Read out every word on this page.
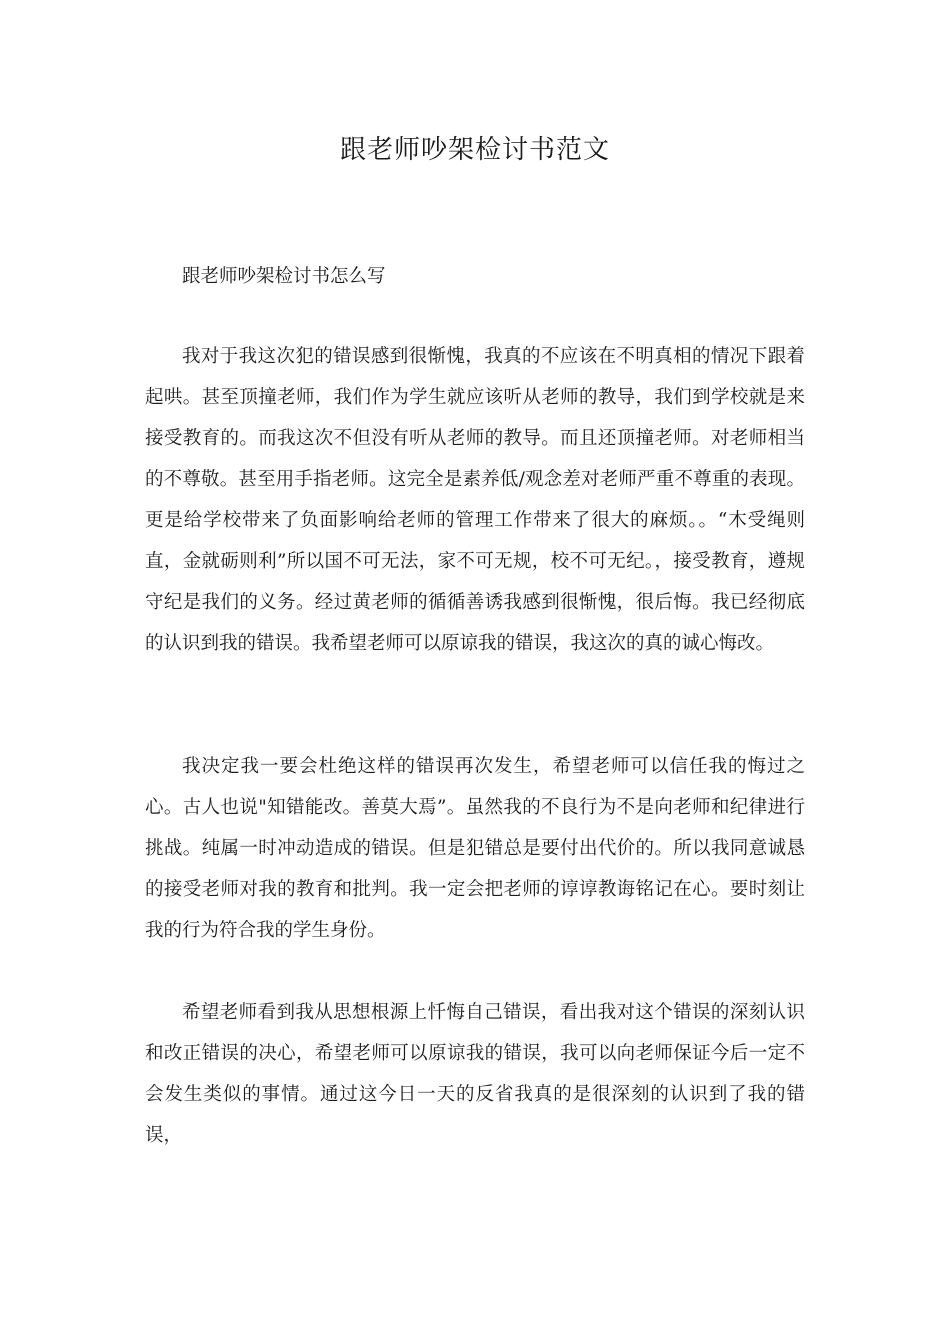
跟老师吵架检讨书范文

跟老师吵架检讨书怎么写

我对于我这次犯的错误感到很惭愧，我真的不应该在不明真相的情况下跟着起哄。甚至顶撞老师，我们作为学生就应该听从老师的教导，我们到学校就是来接受教育的。而我这次不但没有听从老师的教导。而且还顶撞老师。对老师相当的不尊敬。甚至用手指老师。这完全是素养低/观念差对老师严重不尊重的表现。更是给学校带来了负面影响给老师的管理工作带来了很大的麻烦。。“木受绳则直，金就砺则利”所以国不可无法，家不可无规，校不可无纪。，接受教育，遵规守纪是我们的义务。经过黄老师的循循善诱我感到很惭愧，很后悔。我已经彻底的认识到我的错误。我希望老师可以原谅我的错误，我这次的真的诚心悔改。

我决定我一要会杜绝这样的错误再次发生，希望老师可以信任我的悔过之心。古人也说"知错能改。善莫大焉”。虽然我的不良行为不是向老师和纪律进行挑战。纯属一时冲动造成的错误。但是犯错总是要付出代价的。所以我同意诚恳的接受老师对我的教育和批判。我一定会把老师的谆谆教诲铭记在心。要时刻让我的行为符合我的学生身份。

希望老师看到我从思想根源上忏悔自己错误，看出我对这个错误的深刻认识和改正错误的决心，希望老师可以原谅我的错误，我可以向老师保证今后一定不会发生类似的事情。通过这今日一天的反省我真的是很深刻的认识到了我的错误，
